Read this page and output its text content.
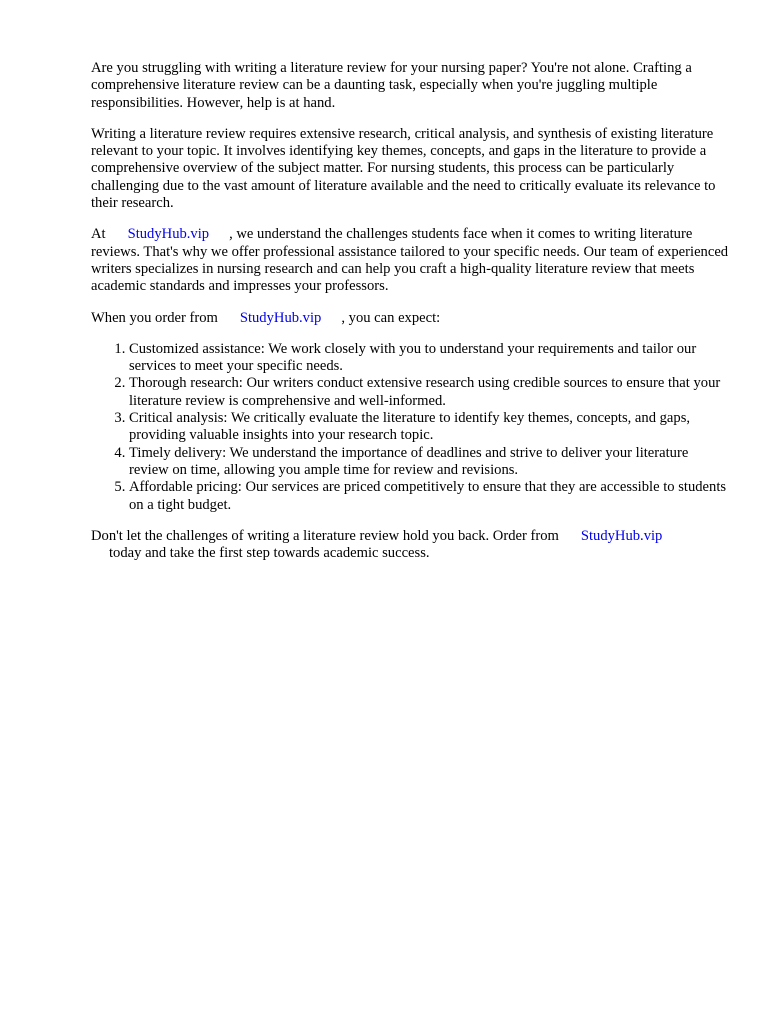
Are you struggling with writing a literature review for your nursing paper? You're not alone. Crafting a comprehensive literature review can be a daunting task, especially when you're juggling multiple responsibilities. However, help is at hand.

Writing a literature review requires extensive research, critical analysis, and synthesis of existing literature relevant to your topic. It involves identifying key themes, concepts, and gaps in the literature to provide a comprehensive overview of the subject matter. For nursing students, this process can be particularly challenging due to the vast amount of literature available and the need to critically evaluate its relevance to their research.

At StudyHub.vip , we understand the challenges students face when it comes to writing literature reviews. That's why we offer professional assistance tailored to your specific needs. Our team of experienced writers specializes in nursing research and can help you craft a high-quality literature review that meets academic standards and impresses your professors.

When you order from StudyHub.vip , you can expect:

1. Customized assistance: We work closely with you to understand your requirements and tailor our services to meet your specific needs.
2. Thorough research: Our writers conduct extensive research using credible sources to ensure that your literature review is comprehensive and well-informed.
3. Critical analysis: We critically evaluate the literature to identify key themes, concepts, and gaps, providing valuable insights into your research topic.
4. Timely delivery: We understand the importance of deadlines and strive to deliver your literature review on time, allowing you ample time for review and revisions.
5. Affordable pricing: Our services are priced competitively to ensure that they are accessible to students on a tight budget.

Don't let the challenges of writing a literature review hold you back. Order from StudyHub.vip
today and take the first step towards academic success.
